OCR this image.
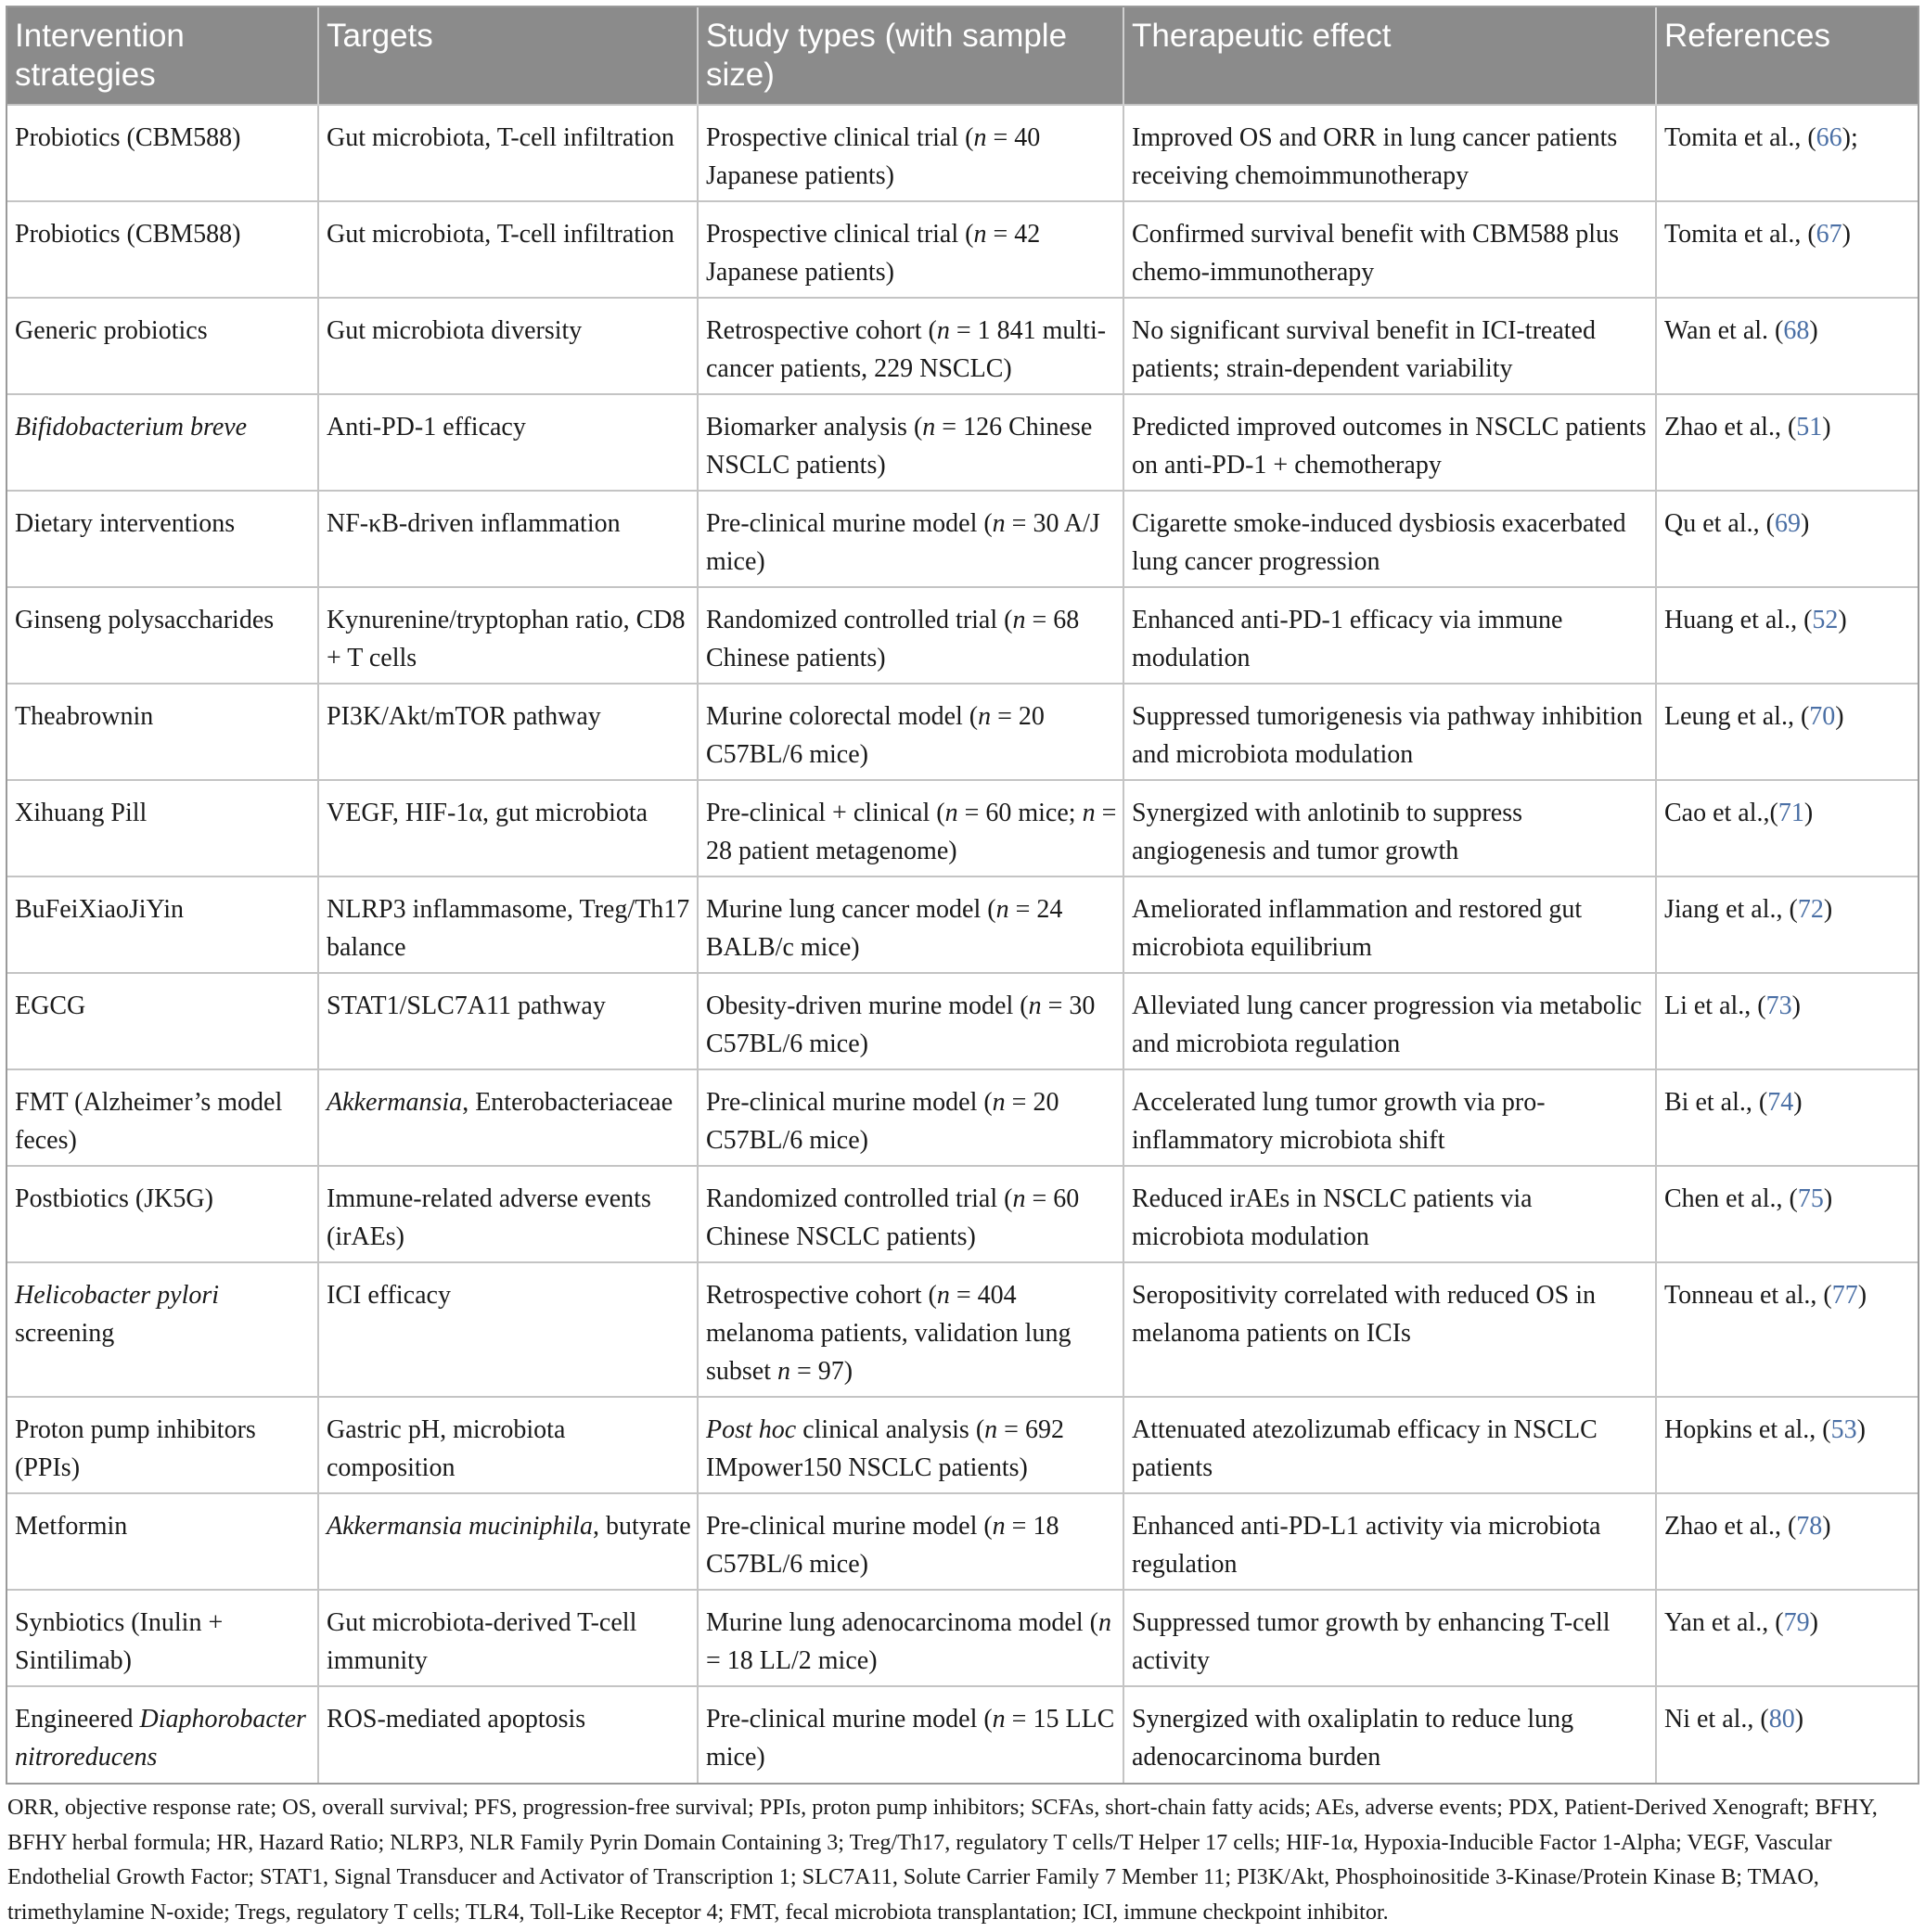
Intervention strategies	Targets	Study types (with sample size)	Therapeutic effect	References
Probiotics (CBM588)	Gut microbiota, T-cell infiltration	Prospective clinical trial (n = 40 Japanese patients)	Improved OS and ORR in lung cancer patients receiving chemoimmunotherapy	Tomita et al., (66);
Probiotics (CBM588)	Gut microbiota, T-cell infiltration	Prospective clinical trial (n = 42 Japanese patients)	Confirmed survival benefit with CBM588 plus chemo-immunotherapy	Tomita et al., (67)
Generic probiotics	Gut microbiota diversity	Retrospective cohort (n = 1 841 multi-cancer patients, 229 NSCLC)	No significant survival benefit in ICI-treated patients; strain-dependent variability	Wan et al. (68)
Bifidobacterium breve	Anti-PD-1 efficacy	Biomarker analysis (n = 126 Chinese NSCLC patients)	Predicted improved outcomes in NSCLC patients on anti-PD-1 + chemotherapy	Zhao et al., (51)
Dietary interventions	NF-κB-driven inflammation	Pre-clinical murine model (n = 30 A/J mice)	Cigarette smoke-induced dysbiosis exacerbated lung cancer progression	Qu et al., (69)
Ginseng polysaccharides	Kynurenine/tryptophan ratio, CD8 + T cells	Randomized controlled trial (n = 68 Chinese patients)	Enhanced anti-PD-1 efficacy via immune modulation	Huang et al., (52)
Theabrownin	PI3K/Akt/mTOR pathway	Murine colorectal model (n = 20 C57BL/6 mice)	Suppressed tumorigenesis via pathway inhibition and microbiota modulation	Leung et al., (70)
Xihuang Pill	VEGF, HIF-1α, gut microbiota	Pre-clinical + clinical (n = 60 mice; n = 28 patient metagenome)	Synergized with anlotinib to suppress angiogenesis and tumor growth	Cao et al.,(71)
BuFeiXiaoJiYin	NLRP3 inflammasome, Treg/Th17 balance	Murine lung cancer model (n = 24 BALB/c mice)	Ameliorated inflammation and restored gut microbiota equilibrium	Jiang et al., (72)
EGCG	STAT1/SLC7A11 pathway	Obesity-driven murine model (n = 30 C57BL/6 mice)	Alleviated lung cancer progression via metabolic and microbiota regulation	Li et al., (73)
FMT (Alzheimer’s model feces)	Akkermansia, Enterobacteriaceae	Pre-clinical murine model (n = 20 C57BL/6 mice)	Accelerated lung tumor growth via pro-inflammatory microbiota shift	Bi et al., (74)
Postbiotics (JK5G)	Immune-related adverse events (irAEs)	Randomized controlled trial (n = 60 Chinese NSCLC patients)	Reduced irAEs in NSCLC patients via microbiota modulation	Chen et al., (75)
Helicobacter pylori screening	ICI efficacy	Retrospective cohort (n = 404 melanoma patients, validation lung subset n = 97)	Seropositivity correlated with reduced OS in melanoma patients on ICIs	Tonneau et al., (77)
Proton pump inhibitors (PPIs)	Gastric pH, microbiota composition	Post hoc clinical analysis (n = 692 IMpower150 NSCLC patients)	Attenuated atezolizumab efficacy in NSCLC patients	Hopkins et al., (53)
Metformin	Akkermansia muciniphila, butyrate	Pre-clinical murine model (n = 18 C57BL/6 mice)	Enhanced anti-PD-L1 activity via microbiota regulation	Zhao et al., (78)
Synbiotics (Inulin + Sintilimab)	Gut microbiota-derived T-cell immunity	Murine lung adenocarcinoma model (n = 18 LL/2 mice)	Suppressed tumor growth by enhancing T-cell activity	Yan et al., (79)
Engineered Diaphorobacter nitroreducens	ROS-mediated apoptosis	Pre-clinical murine model (n = 15 LLC mice)	Synergized with oxaliplatin to reduce lung adenocarcinoma burden	Ni et al., (80)
ORR, objective response rate; OS, overall survival; PFS, progression-free survival; PPIs, proton pump inhibitors; SCFAs, short-chain fatty acids; AEs, adverse events; PDX, Patient-Derived Xenograft; BFHY, BFHY herbal formula; HR, Hazard Ratio; NLRP3, NLR Family Pyrin Domain Containing 3; Treg/Th17, regulatory T cells/T Helper 17 cells; HIF-1α, Hypoxia-Inducible Factor 1-Alpha; VEGF, Vascular Endothelial Growth Factor; STAT1, Signal Transducer and Activator of Transcription 1; SLC7A11, Solute Carrier Family 7 Member 11; PI3K/Akt, Phosphoinositide 3-Kinase/Protein Kinase B; TMAO, trimethylamine N-oxide; Tregs, regulatory T cells; TLR4, Toll-Like Receptor 4; FMT, fecal microbiota transplantation; ICI, immune checkpoint inhibitor.
